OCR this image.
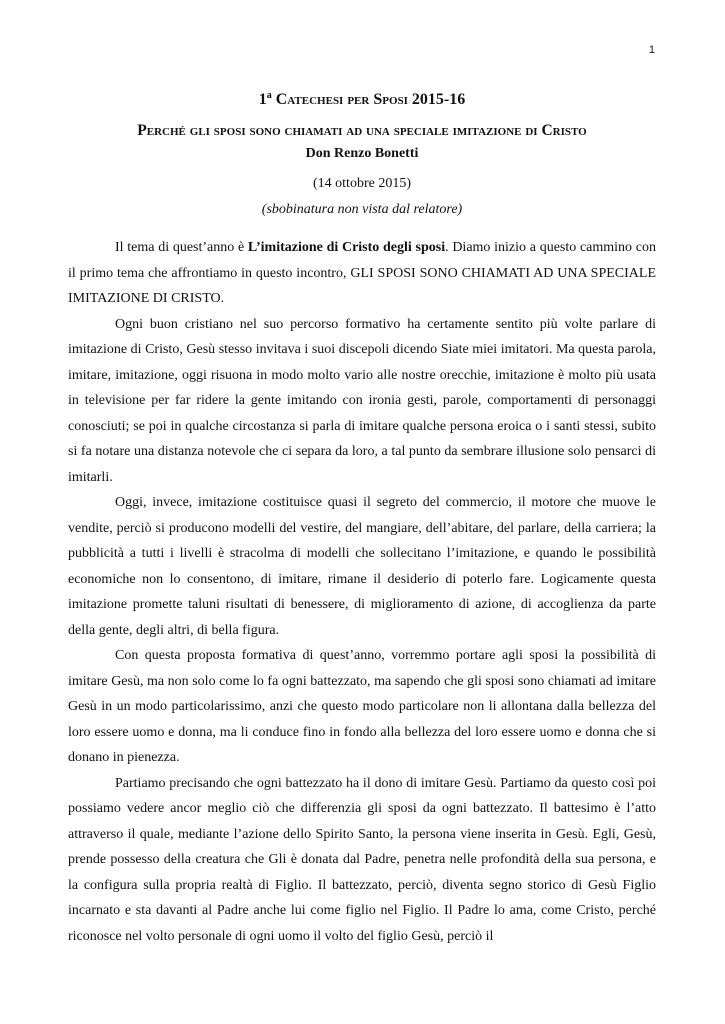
1
1$^a$ Catechesi per Sposi 2015-16
Perché gli sposi sono chiamati ad una speciale imitazione di Cristo
Don Renzo Bonetti
(14 ottobre 2015)
(sbobinatura non vista dal relatore)

Il tema di quest’anno è L’imitazione di Cristo degli sposi. Diamo inizio a questo cammino con il primo tema che affrontiamo in questo incontro, GLI SPOSI SONO CHIAMATI AD UNA SPECIALE IMITAZIONE DI CRISTO.

Ogni buon cristiano nel suo percorso formativo ha certamente sentito più volte parlare di imitazione di Cristo, Gesù stesso invitava i suoi discepoli dicendo Siate miei imitatori. Ma questa parola, imitare, imitazione, oggi risuona in modo molto vario alle nostre orecchie, imitazione è molto più usata in televisione per far ridere la gente imitando con ironia gesti, parole, comportamenti di personaggi conosciuti; se poi in qualche circostanza si parla di imitare qualche persona eroica o i santi stessi, subito si fa notare una distanza notevole che ci separa da loro, a tal punto da sembrare illusione solo pensarci di imitarli.

Oggi, invece, imitazione costituisce quasi il segreto del commercio, il motore che muove le vendite, perciò si producono modelli del vestire, del mangiare, dell’abitare, del parlare, della carriera; la pubblicità a tutti i livelli è stracolma di modelli che sollecitano l’imitazione, e quando le possibilità economiche non lo consentono, di imitare, rimane il desiderio di poterlo fare. Logicamente questa imitazione promette taluni risultati di benessere, di miglioramento di azione, di accoglienza da parte della gente, degli altri, di bella figura.

Con questa proposta formativa di quest’anno, vorremmo portare agli sposi la possibilità di imitare Gesù, ma non solo come lo fa ogni battezzato, ma sapendo che gli sposi sono chiamati ad imitare Gesù in un modo particolarissimo, anzi che questo modo particolare non li allontana dalla bellezza del loro essere uomo e donna, ma li conduce fino in fondo alla bellezza del loro essere uomo e donna che si donano in pienezza.

Partiamo precisando che ogni battezzato ha il dono di imitare Gesù. Partiamo da questo così poi possiamo vedere ancor meglio ciò che differenzia gli sposi da ogni battezzato. Il battesimo è l’atto attraverso il quale, mediante l’azione dello Spirito Santo, la persona viene inserita in Gesù. Egli, Gesù, prende possesso della creatura che Gli è donata dal Padre, penetra nelle profondità della sua persona, e la configura sulla propria realtà di Figlio. Il battezzato, perciò, diventa segno storico di Gesù Figlio incarnato e sta davanti al Padre anche lui come figlio nel Figlio. Il Padre lo ama, come Cristo, perché riconosce nel volto personale di ogni uomo il volto del figlio Gesù, perciò il
